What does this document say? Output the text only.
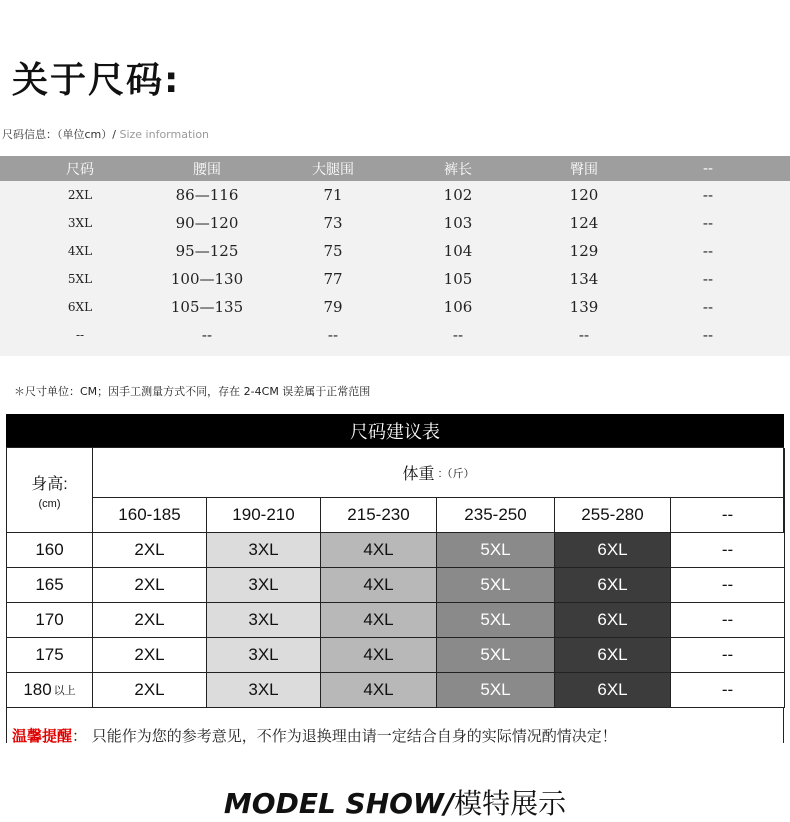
关于尺码:
尺码信息：（单位cm）/ Size information
尺码	腰围	大腿围	裤长	臀围	--
2XL	86—116	71	102	120	--
3XL	90—120	73	103	124	--
4XL	95—125	75	104	129	--
5XL	100—130	77	105	134	--
6XL	105—135	79	106	139	--
--	--	--	--	--	--
＊尺寸单位：CM；因手工测量方式不同，存在 2-4CM 误差属于正常范围
尺码建议表
身高:
(cm)
体重 :（斤）
160-185	190-210	215-230	235-250	255-280	--
160	2XL	3XL	4XL	5XL	6XL	--
165	2XL	3XL	4XL	5XL	6XL	--
170	2XL	3XL	4XL	5XL	6XL	--
175	2XL	3XL	4XL	5XL	6XL	--
180 以上	2XL	3XL	4XL	5XL	6XL	--
温馨提醒： 只能作为您的参考意见，不作为退换理由请一定结合自身的实际情况酌情决定！
MODEL SHOW/模特展示
